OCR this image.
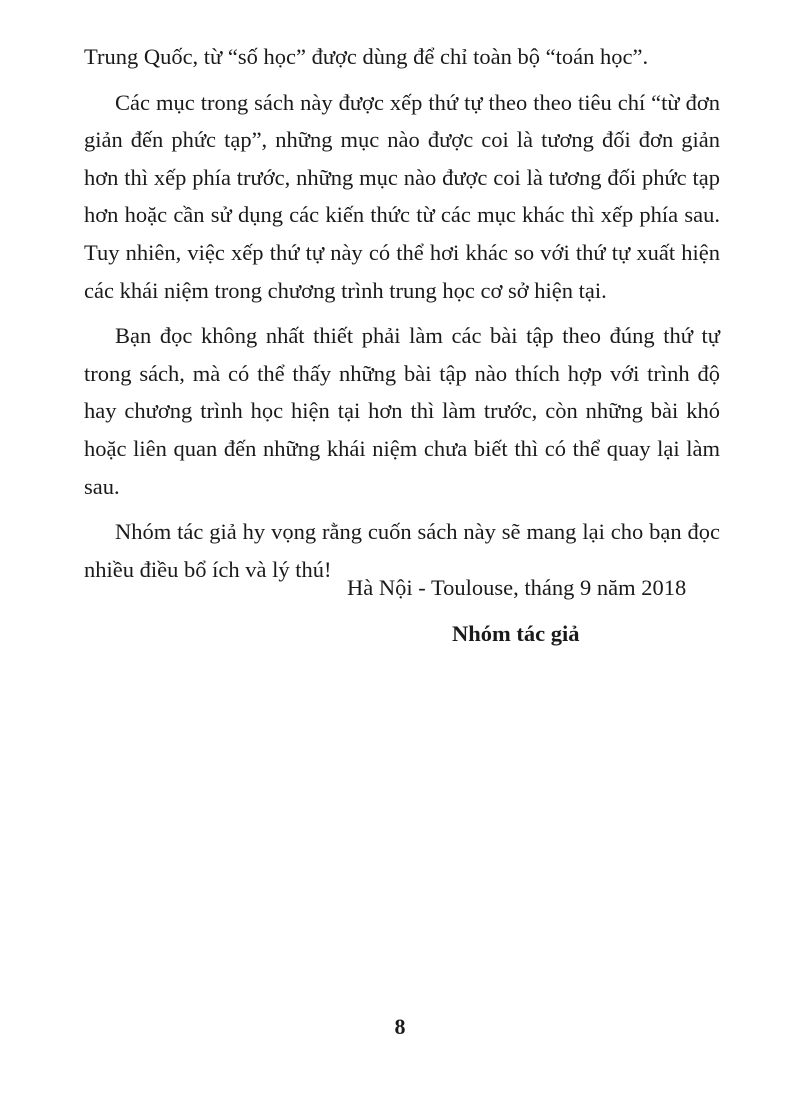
Trung Quốc, từ “số học” được dùng để chỉ toàn bộ “toán học”.

Các mục trong sách này được xếp thứ tự theo theo tiêu chí “từ đơn giản đến phức tạp”, những mục nào được coi là tương đối đơn giản hơn thì xếp phía trước, những mục nào được coi là tương đối phức tạp hơn hoặc cần sử dụng các kiến thức từ các mục khác thì xếp phía sau. Tuy nhiên, việc xếp thứ tự này có thể hơi khác so với thứ tự xuất hiện các khái niệm trong chương trình trung học cơ sở hiện tại.

Bạn đọc không nhất thiết phải làm các bài tập theo đúng thứ tự trong sách, mà có thể thấy những bài tập nào thích hợp với trình độ hay chương trình học hiện tại hơn thì làm trước, còn những bài khó hoặc liên quan đến những khái niệm chưa biết thì có thể quay lại làm sau.

Nhóm tác giả hy vọng rằng cuốn sách này sẽ mang lại cho bạn đọc nhiều điều bổ ích và lý thú!

Hà Nội - Toulouse, tháng 9 năm 2018
Nhóm tác giả
8
